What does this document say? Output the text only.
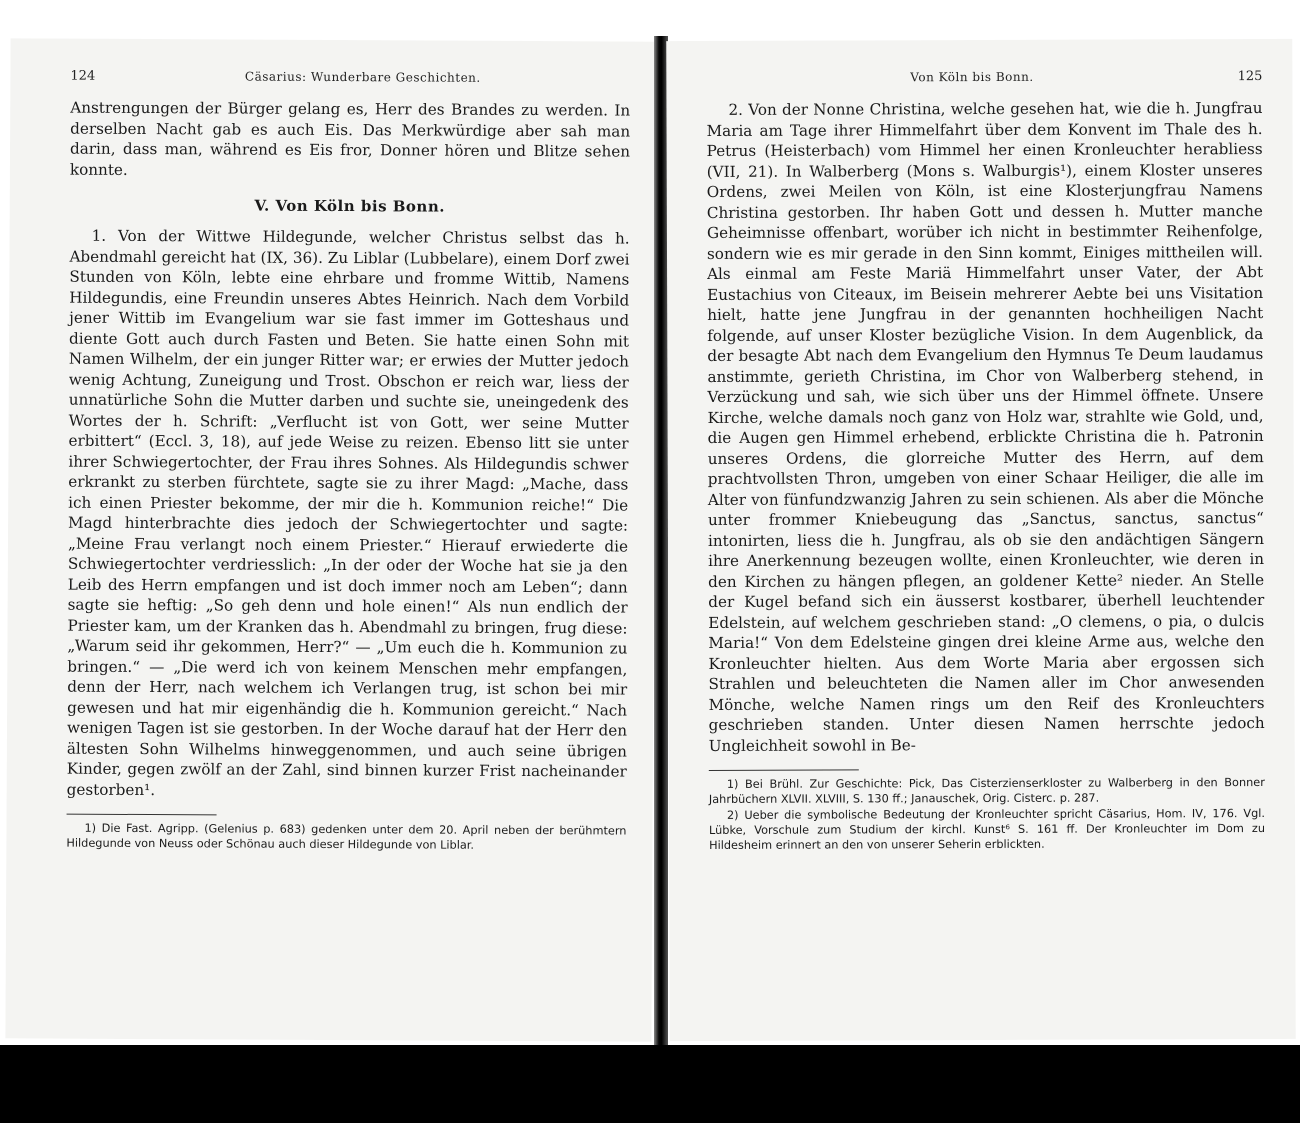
124	Cäsarius: Wunderbare Geschichten.

Anstrengungen der Bürger gelang es, Herr des Brandes zu werden. In derselben Nacht gab es auch Eis. Das Merkwürdige aber sah man darin, dass man, während es Eis fror, Donner hören und Blitze sehen konnte.

V. Von Köln bis Bonn.

1. Von der Wittwe Hildegunde, welcher Christus selbst das h. Abendmahl gereicht hat (IX, 36). Zu Liblar (Lubbelare), einem Dorf zwei Stunden von Köln, lebte eine ehrbare und fromme Wittib, Namens Hildegundis, eine Freundin unseres Abtes Heinrich. Nach dem Vorbild jener Wittib im Evangelium war sie fast immer im Gotteshaus und diente Gott auch durch Fasten und Beten. Sie hatte einen Sohn mit Namen Wilhelm, der ein junger Ritter war; er erwies der Mutter jedoch wenig Achtung, Zuneigung und Trost. Obschon er reich war, liess der unnatürliche Sohn die Mutter darben und suchte sie, uneingedenk des Wortes der h. Schrift: „Verflucht ist von Gott, wer seine Mutter erbittert“ (Eccl. 3, 18), auf jede Weise zu reizen. Ebenso litt sie unter ihrer Schwiegertochter, der Frau ihres Sohnes. Als Hildegundis schwer erkrankt zu sterben fürchtete, sagte sie zu ihrer Magd: „Mache, dass ich einen Priester bekomme, der mir die h. Kommunion reiche!“ Die Magd hinterbrachte dies jedoch der Schwiegertochter und sagte: „Meine Frau verlangt noch einem Priester.“ Hierauf erwiederte die Schwiegertochter verdriesslich: „In der oder der Woche hat sie ja den Leib des Herrn empfangen und ist doch immer noch am Leben“; dann sagte sie heftig: „So geh denn und hole einen!“ Als nun endlich der Priester kam, um der Kranken das h. Abendmahl zu bringen, frug diese: „Warum seid ihr gekommen, Herr?“ — „Um euch die h. Kommunion zu bringen.“ — „Die werd ich von keinem Menschen mehr empfangen, denn der Herr, nach welchem ich Verlangen trug, ist schon bei mir gewesen und hat mir eigenhändig die h. Kommunion gereicht.“ Nach wenigen Tagen ist sie gestorben. In der Woche darauf hat der Herr den ältesten Sohn Wilhelms hinweggenommen, und auch seine übrigen Kinder, gegen zwölf an der Zahl, sind binnen kurzer Frist nacheinander gestorben¹.

1) Die Fast. Agripp. (Gelenius p. 683) gedenken unter dem 20. April neben der berühmtern Hildegunde von Neuss oder Schönau auch dieser Hildegunde von Liblar.

Von Köln bis Bonn.	125

2. Von der Nonne Christina, welche gesehen hat, wie die h. Jungfrau Maria am Tage ihrer Himmelfahrt über dem Konvent im Thale des h. Petrus (Heisterbach) vom Himmel her einen Kronleuchter herabliess (VII, 21). In Walberberg (Mons s. Walburgis¹), einem Kloster unseres Ordens, zwei Meilen von Köln, ist eine Klosterjungfrau Namens Christina gestorben. Ihr haben Gott und dessen h. Mutter manche Geheimnisse offenbart, worüber ich nicht in bestimmter Reihenfolge, sondern wie es mir gerade in den Sinn kommt, Einiges mittheilen will. Als einmal am Feste Mariä Himmelfahrt unser Vater, der Abt Eustachius von Citeaux, im Beisein mehrerer Aebte bei uns Visitation hielt, hatte jene Jungfrau in der genannten hochheiligen Nacht folgende, auf unser Kloster bezügliche Vision. In dem Augenblick, da der besagte Abt nach dem Evangelium den Hymnus Te Deum laudamus anstimmte, gerieth Christina, im Chor von Walberberg stehend, in Verzückung und sah, wie sich über uns der Himmel öffnete. Unsere Kirche, welche damals noch ganz von Holz war, strahlte wie Gold, und, die Augen gen Himmel erhebend, erblickte Christina die h. Patronin unseres Ordens, die glorreiche Mutter des Herrn, auf dem prachtvollsten Thron, umgeben von einer Schaar Heiliger, die alle im Alter von fünfundzwanzig Jahren zu sein schienen. Als aber die Mönche unter frommer Kniebeugung das „Sanctus, sanctus, sanctus“ intonirten, liess die h. Jungfrau, als ob sie den andächtigen Sängern ihre Anerkennung bezeugen wollte, einen Kronleuchter, wie deren in den Kirchen zu hängen pflegen, an goldener Kette² nieder. An Stelle der Kugel befand sich ein äusserst kostbarer, überhell leuchtender Edelstein, auf welchem geschrieben stand: „O clemens, o pia, o dulcis Maria!“ Von dem Edelsteine gingen drei kleine Arme aus, welche den Kronleuchter hielten. Aus dem Worte Maria aber ergossen sich Strahlen und beleuchteten die Namen aller im Chor anwesenden Mönche, welche Namen rings um den Reif des Kronleuchters geschrieben standen. Unter diesen Namen herrschte jedoch Ungleichheit sowohl in Be-

1) Bei Brühl. Zur Geschichte: Pick, Das Cisterzienserkloster zu Walberberg in den Bonner Jahrbüchern XLVII. XLVIII, S. 130 ff.; Janauschek, Orig. Cisterc. p. 287.

2) Ueber die symbolische Bedeutung der Kronleuchter spricht Cäsarius, Hom. IV, 176. Vgl. Lübke, Vorschule zum Studium der kirchl. Kunst⁶ S. 161 ff. Der Kronleuchter im Dom zu Hildesheim erinnert an den von unserer Seherin erblickten.
